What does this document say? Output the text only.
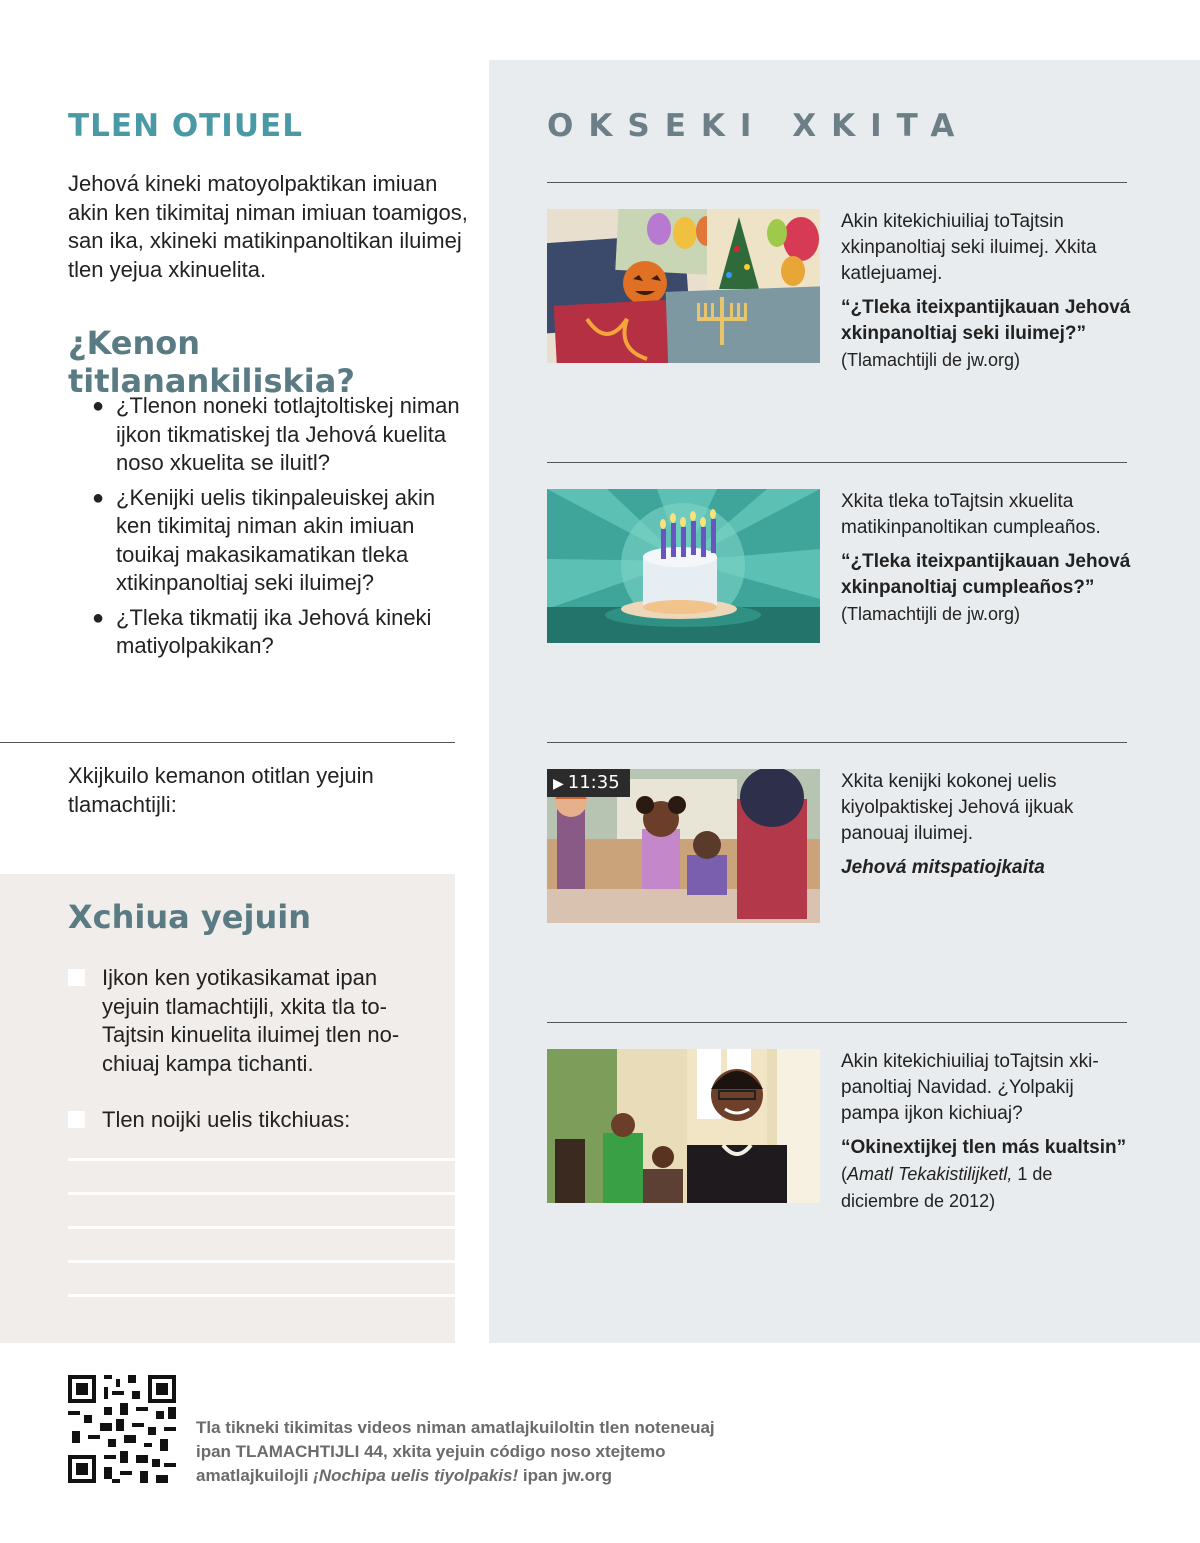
TLEN OTIUEL

Jehová kineki matoyolpaktikan imiuan akin ken tikimitaj niman imiuan toamigos, san ika, xkineki matikinpanoltikan iluimej tlen yejua xkinuelita.

¿Kenon titlanankiliskia?
● ¿Tlenon noneki totlajtoltiskej niman ijkon tikmatiskej tla Jehová kuelita noso xkuelita se iluitl?
● ¿Kenijki uelis tikinpaleuiskej akin ken tikimitaj niman akin imiuan touikaj makasikamatikan tleka xtikinpanoltiaj seki iluimej?
● ¿Tleka tikmatij ika Jehová kineki matiyolpakikan?

Xkijkuilo kemanon otitlan yejuin tlamachtijli:

Xchiua yejuin
Ijkon ken yotikasikamat ipan yejuin tlamachtijli, xkita tla toTajtsin kinuelita iluimej tlen nochiuaj kampa tichanti.
Tlen noijki uelis tikchiuas:
OKSEKI XKITA
Akin kitekichiuiliaj toTajtsin xkinpanoltiaj seki iluimej. Xkita katlejuamej.
“¿Tleka iteixpantijkauan Jehová xkinpanoltiaj seki iluimej?” (Tlamachtijli de jw.org)
Xkita tleka toTajtsin xkuelita matikinpanoltikan cumpleaños.
“¿Tleka iteixpantijkauan Jehová xkinpanoltiaj cumpleaños?” (Tlamachtijli de jw.org)
▶ 11:35	Xkita kenijki kokonej uelis kiyolpaktiskej Jehová ijkuak panouaj iluimej.
Jehová mitspatiojkaita
Akin kitekichiuiliaj toTajtsin xkipanoltiaj Navidad. ¿Yolpakij pampa ijkon kichiuaj?
“Okinextijkej tlen más kualtsin” (Amatl Tekakistilijketl, 1 de diciembre de 2012)

Tla tikneki tikimitas videos niman amatlajkuiloltin tlen noteneuaj ipan TLAMACHTIJLI 44, xkita yejuin código noso xtejtemo amatlajkuilojli ¡Nochipa uelis tiyolpakis! ipan jw.org
